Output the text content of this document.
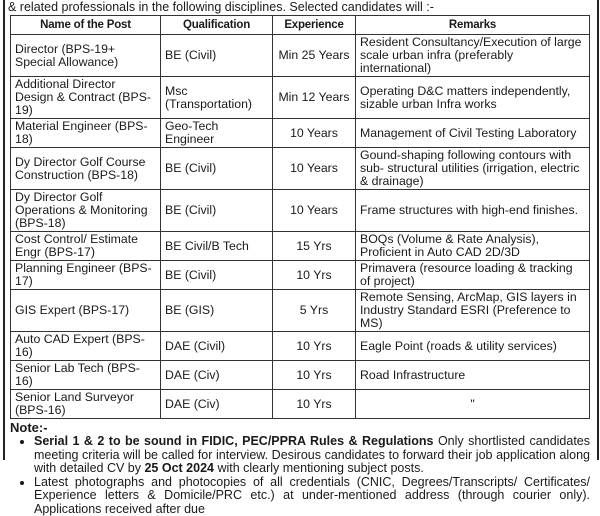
& related professionals in the following disciplines. Selected candidates will :-
Name of the Post	Qualification	Experience	Remarks
Director (BPS-19+ Special Allowance)	BE (Civil)	Min 25 Years	Resident Consultancy/Execution of large scale urban infra (preferably international)
Additional Director Design & Contract (BPS-19)	Msc (Transportation)	Min 12 Years	Operating D&C matters independently, sizable urban Infra works
Material Engineer (BPS-18)	Geo-Tech Engineer	10 Years	Management of Civil Testing Laboratory
Dy Director Golf Course Construction (BPS-18)	BE (Civil)	10 Years	Gound-shaping following contours with sub- structural utilities (irrigation, electric & drainage)
Dy Director Golf Operations & Monitoring (BPS-18)	BE (Civil)	10 Years	Frame structures with high-end finishes.
Cost Control/ Estimate Engr (BPS-17)	BE Civil/B Tech	15 Yrs	BOQs (Volume & Rate Analysis), Proficient in Auto CAD 2D/3D
Planning Engineer (BPS-17)	BE (Civil)	10 Yrs	Primavera (resource loading & tracking of project)
GIS Expert (BPS-17)	BE (GIS)	5 Yrs	Remote Sensing, ArcMap, GIS layers in Industry Standard ESRI (Preference to MS)
Auto CAD Expert (BPS-16)	DAE (Civil)	10 Yrs	Eagle Point (roads & utility services)
Senior Lab Tech (BPS-16)	DAE (Civ)	10 Yrs	Road Infrastructure
Senior Land Surveyor (BPS-16)	DAE (Civ)	10 Yrs	"
Note:-
• Serial 1 & 2 to be sound in FIDIC, PEC/PPRA Rules & Regulations Only shortlisted candidates meeting criteria will be called for interview. Desirous candidates to forward their job application along with detailed CV by 25 Oct 2024 with clearly mentioning subject posts.
• Latest photographs and photocopies of all credentials (CNIC, Degrees/Transcripts/ Certificates/ Experience letters & Domicile/PRC etc.) at under-mentioned address (through courier only). Applications received after due
